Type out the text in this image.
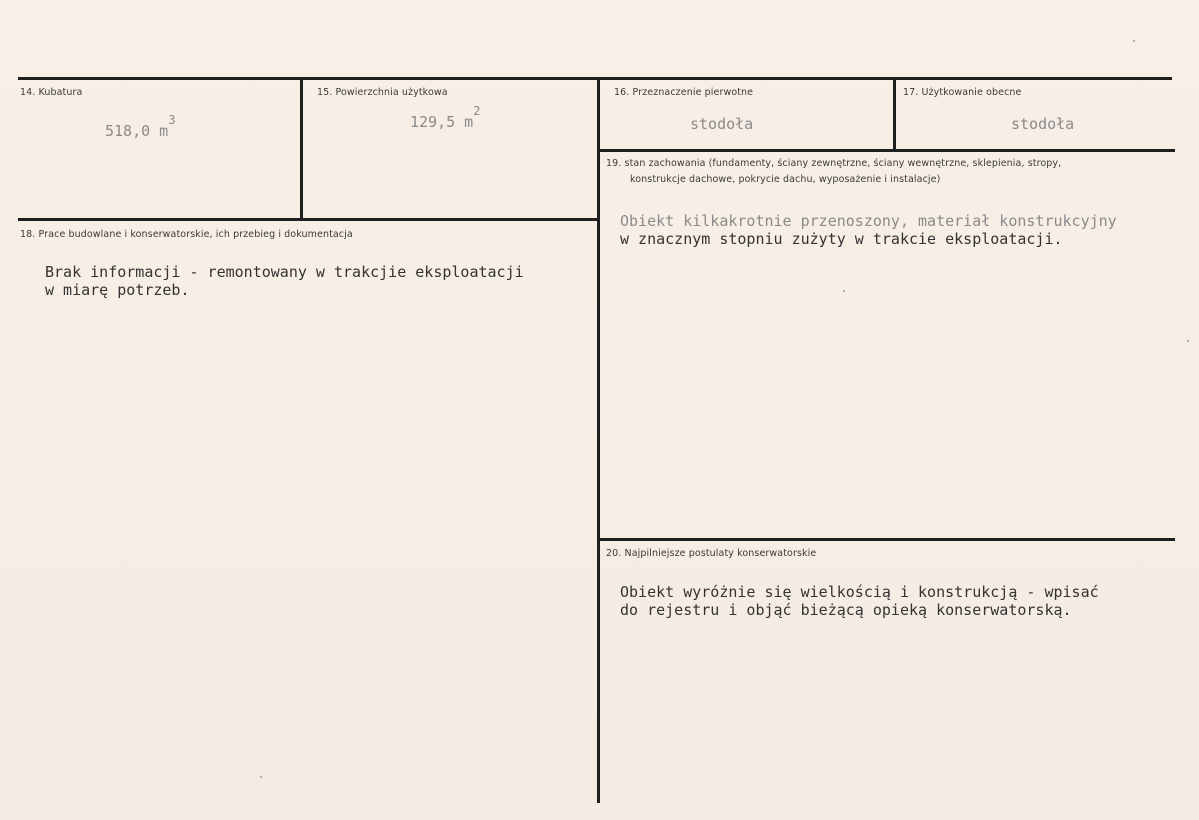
14. Kubatura
518,0 $m^3$
15. Powierzchnia użytkowa
129,5 $m^2$
16. Przeznaczenie pierwotne
stodoła
17. Użytkowanie obecne
stodoła
18. Prace budowlane i konserwatorskie, ich przebieg i dokumentacja
Brak informacji - remontowany w trakcjie eksploatacji
w miarę potrzeb.
19. stan zachowania (fundamenty, ściany zewnętrzne, ściany wewnętrzne, sklepienia, stropy,
konstrukcje dachowe, pokrycie dachu, wyposażenie i instalacje)
Obiekt kilkakrotnie przenoszony, materiał konstrukcyjny
w znacznym stopniu zużyty w trakcie eksploatacji.
20. Najpilniejsze postulaty konserwatorskie
Obiekt wyróżnie się wielkością i konstrukcją - wpisać
do rejestru i objąć bieżącą opieką konserwatorską.
